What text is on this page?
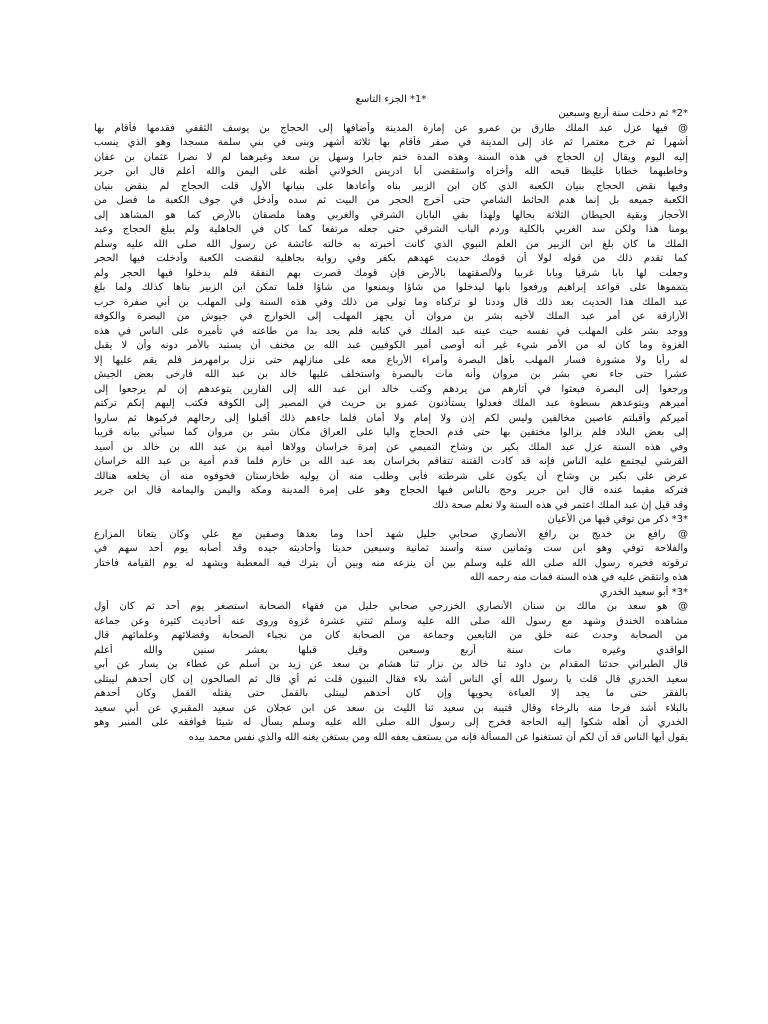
*1* الجزء التاسع
*2* ثم دخلت سنة أربع وسبعين
@ فيها عزل عبد الملك طارق بن عمرو عن إمارة المدينة وأضافها إلى الحجاج بن يوسف الثقفي فقدمها فأقام بها
أشهرا ثم خرج معتمرا ثم عاد إلى المدينة في صفر فأقام بها ثلاثة أشهر وبنى في بني سلمة مسجدا وهو الذي ينسب
إليه اليوم ويقال إن الحجاج في هذه السنة وهذه المدة ختم جابرا وسهل بن سعد وغيرهما لم لا نصرا عثمان بن عفان
وخاطبهما خطابا غليظا قبحه الله وأخزاه واستقضى أبا ادريس الخولاني أظنه على اليمن والله أعلم قال ابن جرير
وفيها نقض الحجاج بنيان الكعبة الذي كان ابن الزبير بناه وأعادها على بنيانها الأول قلت الحجاج لم ينقض بنيان
الكعبة جميعه بل إنما هدم الحائط الشامي حتى أخرج الحجر من البيت ثم سده وأدخل في جوف الكعبة ما فضل من
الأحجار وبقية الحيطان الثلاثة بحالها ولهذا بقي البابان الشرقي والغربي وهما ملصقان بالأرض كما هو المشاهد إلى
يومنا هذا ولكن سد الغربي بالكلية وردم الباب الشرقي حتى جعله مرتفعا كما كان في الجاهلية ولم يبلغ الحجاج وعبد
الملك ما كان بلغ ابن الزبير من العلم النبوي الذي كانت أخبرته به خالته عائشة عن رسول الله صلى الله عليه وسلم
كما تقدم ذلك من قوله لولا أن قومك حديث عهدهم بكفر وفي رواية بجاهلية لنقضت الكعبة وأدخلت فيها الحجر
وجعلت لها بابا شرقيا وبابا غربيا ولألصقتهما بالأرض فإن قومك قصرت بهم النفقة فلم يدخلوا فيها الحجر ولم
يتمموها على قواعد إبراهيم ورفعوا بابها ليدخلوا من شاؤا ويمنعوا من شاؤا فلما تمكن ابن الزبير بناها كذلك ولما بلغ
عبد الملك هذا الحديث بعد ذلك قال وددنا لو تركناه وما تولى من ذلك وفي هذه السنة ولى المهلب بن أبي صفرة حرب
الأزارقة عن أمر عبد الملك لأخيه بشر بن مروان أن يجهز المهلب إلى الخوارج في جيوش من البصرة والكوفة
ووجد بشر على المهلب في نفسه حيث عينه عبد الملك في كتابه فلم يجد بدا من طاعته في تأميره على الناس في هذه
الغزوة وما كان له من الأمر شيء غير أنه أوصى أمير الكوفيين عبد الله بن مخنف أن يستبد بالأمر دونه وأن لا يقبل
له رأيا ولا مشورة فسار المهلب بأهل البصرة وأمراء الأرباع معه على منازلهم حتى نزل برامهرمز فلم يقم عليها إلا
عشرا حتى جاء نعي بشر بن مروان وأنه مات بالبصرة واستخلف عليها خالد بن عبد الله فارخى بعض الجيش
ورجعوا إلى البصرة فبعثوا في آثارهم من يردهم وكتب خالد ابن عبد الله إلى الفارين يتوعدهم إن لم يرجعوا إلى
أميرهم ويتوعدهم بسطوة عبد الملك فعدلوا يستأذنون عمرو بن حريث في المصير إلى الكوفة فكتب إليهم إنكم تركتم
أميركم وأقبلتم عاصين مخالفين وليس لكم إذن ولا إمام ولا أمان فلما جاءهم ذلك أقبلوا إلى رحالهم فركبوها ثم ساروا
إلى بعض البلاد فلم يزالوا مختفين بها حتى قدم الحجاج واليا على العراق مكان بشر بن مروان كما سيأتي بيانه قريبا
وفي هذه السنة عزل عبد الملك بكير بن وشاح التميمي عن إمرة خراسان وولاها أمية بن عبد الله بن خالد بن أسيد
القرشي ليجتمع عليه الناس فإنه قد كادت الفتنة تتفاقم بخراسان بعد عبد الله بن خازم فلما قدم أمية بن عبد الله خراسان
عرض على بكير بن وشاح أن يكون على شرطته فأبى وطلب منه أن يوليه طخارستان فخوفوه منه أن يخلعه هنالك
فتركه مقيما عنده قال ابن جرير وحج بالناس فيها الحجاج وهو على إمرة المدينة ومكة واليمن واليمامة قال ابن جرير
وقد قيل إن عبد الملك اعتمر في هذه السنة ولا نعلم صحة ذلك
*3* ذكر من توفي فيها من الأعيان
@ رافع بن خديج بن رافع الأنصاري صحابي جليل شهد أحدا وما بعدها وصفين مع علي وكان يتعانا المزارع
والفلاحة توفي وهو ابن ست وثمانين سنة وأسند ثمانية وسبعين حديثا وأحاديثه جيده وقد أصابه يوم أحد سهم في
ترقوته فخيره رسول الله صلى الله عليه وسلم بين أن ينزعه منه وبين أن يترك فيه المعطبة ويشهد له يوم القيامة فاختار
هذه وانتقض عليه في هذه السنة فمات منه رحمه الله
*3* أبو سعيد الخدري
@ هو سعد بن مالك بن سنان الأنصاري الخزرجي صحابي جليل من فقهاء الصحابة استصغر يوم أحد ثم كان أول
مشاهده الخندق وشهد مع رسول الله صلى الله عليه وسلم ثنتي عشرة غزوة وروى عنه أحاديث كثيرة وعن جماعة
من الصحابة وحدث عنه خلق من التابعين وجماعة من الصحابة كان من نجباء الصحابة وفضلائهم وعلمائهم قال
الواقدي وغيره مات سنة أربع وسبعين وقيل قبلها بعشر سنين والله أعلم
قال الطبراني حدثنا المقدام بن داود ثنا خالد بن نزار ثنا هشام بن سعد عن زيد بن أسلم عن عطاء بن يسار عن أبي
سعيد الخدري قال قلت يا رسول الله أي الناس أشد بلاء فقال النبيون قلت ثم أي قال ثم الصالحون إن كان أحدهم ليبتلى
بالفقر حتى ما يجد إلا العباءة يحويها وإن كان أحدهم ليبتلى بالقمل حتى يقتله القمل وكان أحدهم
بالبلاء أشد فرحا منه بالرخاء وقال قتيبة بن سعيد ثنا الليث بن سعد عن ابن عجلان عن سعيد المقبري عن أبي سعيد
الخدري أن أهله شكوا إليه الحاجة فخرج إلى رسول الله صلى الله عليه وسلم يسأل له شيئا فوافقه على المنبر وهو
يقول أيها الناس قد آن لكم أن تستغنوا عن المسألة فإنه من يستعف يعفه الله ومن يستغن يغنه الله والذي نفس محمد بيده
